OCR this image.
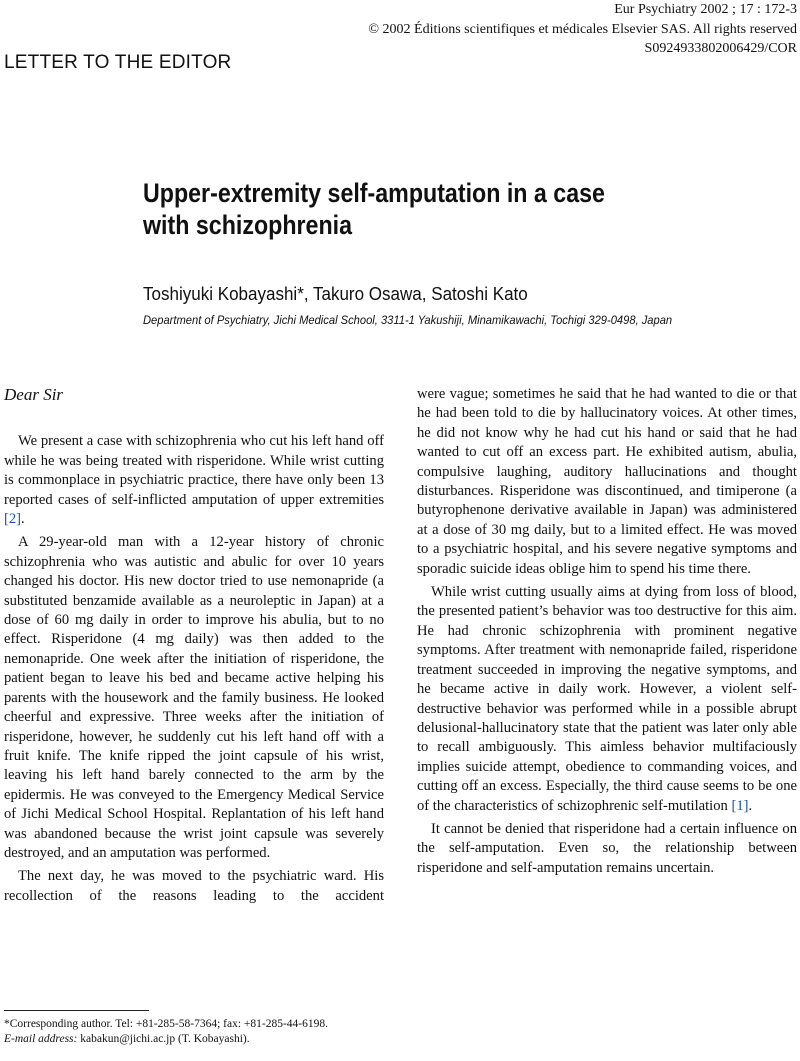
Eur Psychiatry 2002 ; 17 : 172-3
© 2002 Éditions scientifiques et médicales Elsevier SAS. All rights reserved
S0924933802006429/COR
LETTER TO THE EDITOR
Upper-extremity self-amputation in a case with schizophrenia
Toshiyuki Kobayashi*, Takuro Osawa, Satoshi Kato
Department of Psychiatry, Jichi Medical School, 3311-1 Yakushiji, Minamikawachi, Tochigi 329-0498, Japan

Dear Sir

We present a case with schizophrenia who cut his left hand off while he was being treated with risperidone. While wrist cutting is commonplace in psychiatric practice, there have only been 13 reported cases of self-inflicted amputation of upper extremities [2].

A 29-year-old man with a 12-year history of chronic schizophrenia who was autistic and abulic for over 10 years changed his doctor. His new doctor tried to use nemonapride (a substituted benzamide available as a neuroleptic in Japan) at a dose of 60 mg daily in order to improve his abulia, but to no effect. Risperidone (4 mg daily) was then added to the nemonapride. One week after the initiation of risperidone, the patient began to leave his bed and became active helping his parents with the housework and the family business. He looked cheerful and expressive. Three weeks after the initiation of risperidone, however, he suddenly cut his left hand off with a fruit knife. The knife ripped the joint capsule of his wrist, leaving his left hand barely connected to the arm by the epidermis. He was conveyed to the Emergency Medical Service of Jichi Medical School Hospital. Replantation of his left hand was abandoned because the wrist joint capsule was severely destroyed, and an amputation was performed.

The next day, he was moved to the psychiatric ward. His recollection of the reasons leading to the accident

were vague; sometimes he said that he had wanted to die or that he had been told to die by hallucinatory voices. At other times, he did not know why he had cut his hand or said that he had wanted to cut off an excess part. He exhibited autism, abulia, compulsive laughing, auditory hallucinations and thought disturbances. Risperidone was discontinued, and timiperone (a butyrophenone derivative available in Japan) was administered at a dose of 30 mg daily, but to a limited effect. He was moved to a psychiatric hospital, and his severe negative symptoms and sporadic suicide ideas oblige him to spend his time there.

While wrist cutting usually aims at dying from loss of blood, the presented patient’s behavior was too destructive for this aim. He had chronic schizophrenia with prominent negative symptoms. After treatment with nemonapride failed, risperidone treatment succeeded in improving the negative symptoms, and he became active in daily work. However, a violent self-destructive behavior was performed while in a possible abrupt delusional-hallucinatory state that the patient was later only able to recall ambiguously. This aimless behavior multifaciously implies suicide attempt, obedience to commanding voices, and cutting off an excess. Especially, the third cause seems to be one of the characteristics of schizophrenic self-mutilation [1].

It cannot be denied that risperidone had a certain influence on the self-amputation. Even so, the relationship between risperidone and self-amputation remains uncertain.

*Corresponding author. Tel: +81-285-58-7364; fax: +81-285-44-6198.

E-mail address: kabakun@jichi.ac.jp (T. Kobayashi).
